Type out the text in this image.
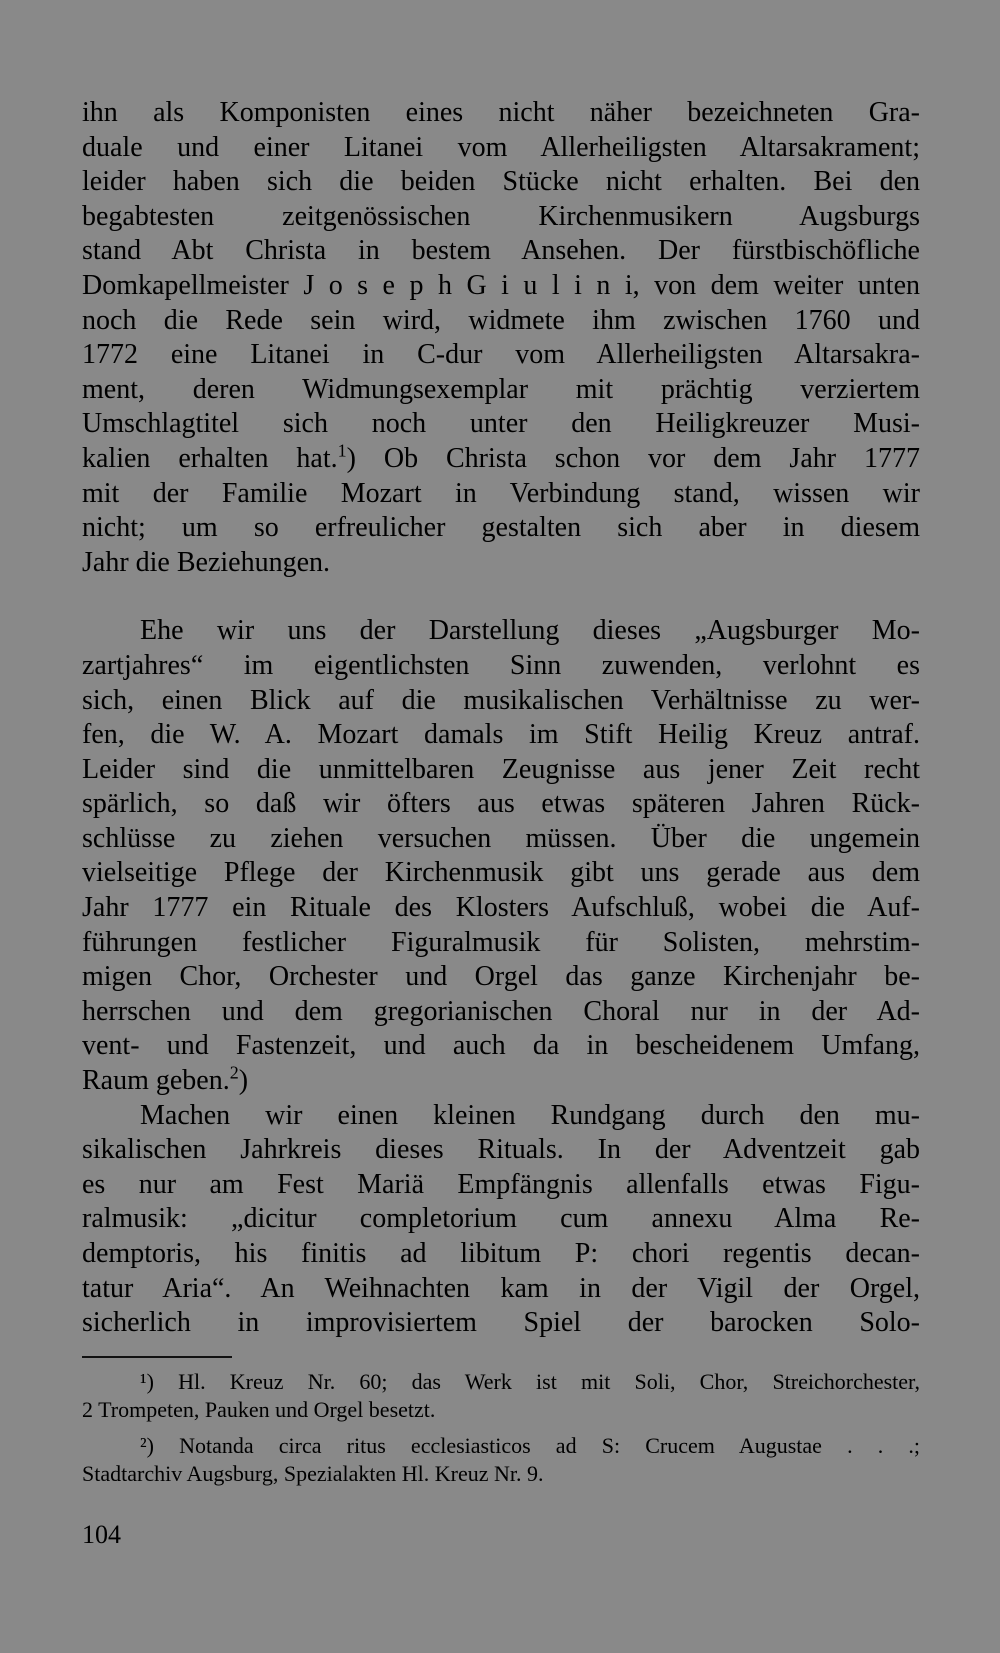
ihn als Komponisten eines nicht näher bezeichneten Gra-
duale und einer Litanei vom Allerheiligsten Altarsakrament;
leider haben sich die beiden Stücke nicht erhalten. Bei den
begabtesten zeitgenössischen Kirchenmusikern Augsburgs
stand Abt Christa in bestem Ansehen. Der fürstbischöfliche
Domkapellmeister J o s e p h G i u l i n i, von dem weiter unten
noch die Rede sein wird, widmete ihm zwischen 1760 und
1772 eine Litanei in C-dur vom Allerheiligsten Altarsakra-
ment, deren Widmungsexemplar mit prächtig verziertem
Umschlagtitel sich noch unter den Heiligkreuzer Musi-
kalien erhalten hat.$^1$) Ob Christa schon vor dem Jahr 1777
mit der Familie Mozart in Verbindung stand, wissen wir
nicht; um so erfreulicher gestalten sich aber in diesem
Jahr die Beziehungen.
Ehe wir uns der Darstellung dieses „Augsburger Mo-
zartjahres“ im eigentlichsten Sinn zuwenden, verlohnt es
sich, einen Blick auf die musikalischen Verhältnisse zu wer-
fen, die W. A. Mozart damals im Stift Heilig Kreuz antraf.
Leider sind die unmittelbaren Zeugnisse aus jener Zeit recht
spärlich, so daß wir öfters aus etwas späteren Jahren Rück-
schlüsse zu ziehen versuchen müssen. Über die ungemein
vielseitige Pflege der Kirchenmusik gibt uns gerade aus dem
Jahr 1777 ein Rituale des Klosters Aufschluß, wobei die Auf-
führungen festlicher Figuralmusik für Solisten, mehrstim-
migen Chor, Orchester und Orgel das ganze Kirchenjahr be-
herrschen und dem gregorianischen Choral nur in der Ad-
vent- und Fastenzeit, und auch da in bescheidenem Umfang,
Raum geben.$^2$)
Machen wir einen kleinen Rundgang durch den mu-
sikalischen Jahrkreis dieses Rituals. In der Adventzeit gab
es nur am Fest Mariä Empfängnis allenfalls etwas Figu-
ralmusik: „dicitur completorium cum annexu Alma Re-
demptoris, his finitis ad libitum P: chori regentis decan-
tatur Aria“. An Weihnachten kam in der Vigil der Orgel,
sicherlich in improvisiertem Spiel der barocken Solo-
¹) Hl. Kreuz Nr. 60; das Werk ist mit Soli, Chor, Streichorchester,
2 Trompeten, Pauken und Orgel besetzt.
²) Notanda circa ritus ecclesiasticos ad S: Crucem Augustae . . .;
Stadtarchiv Augsburg, Spezialakten Hl. Kreuz Nr. 9.
104
